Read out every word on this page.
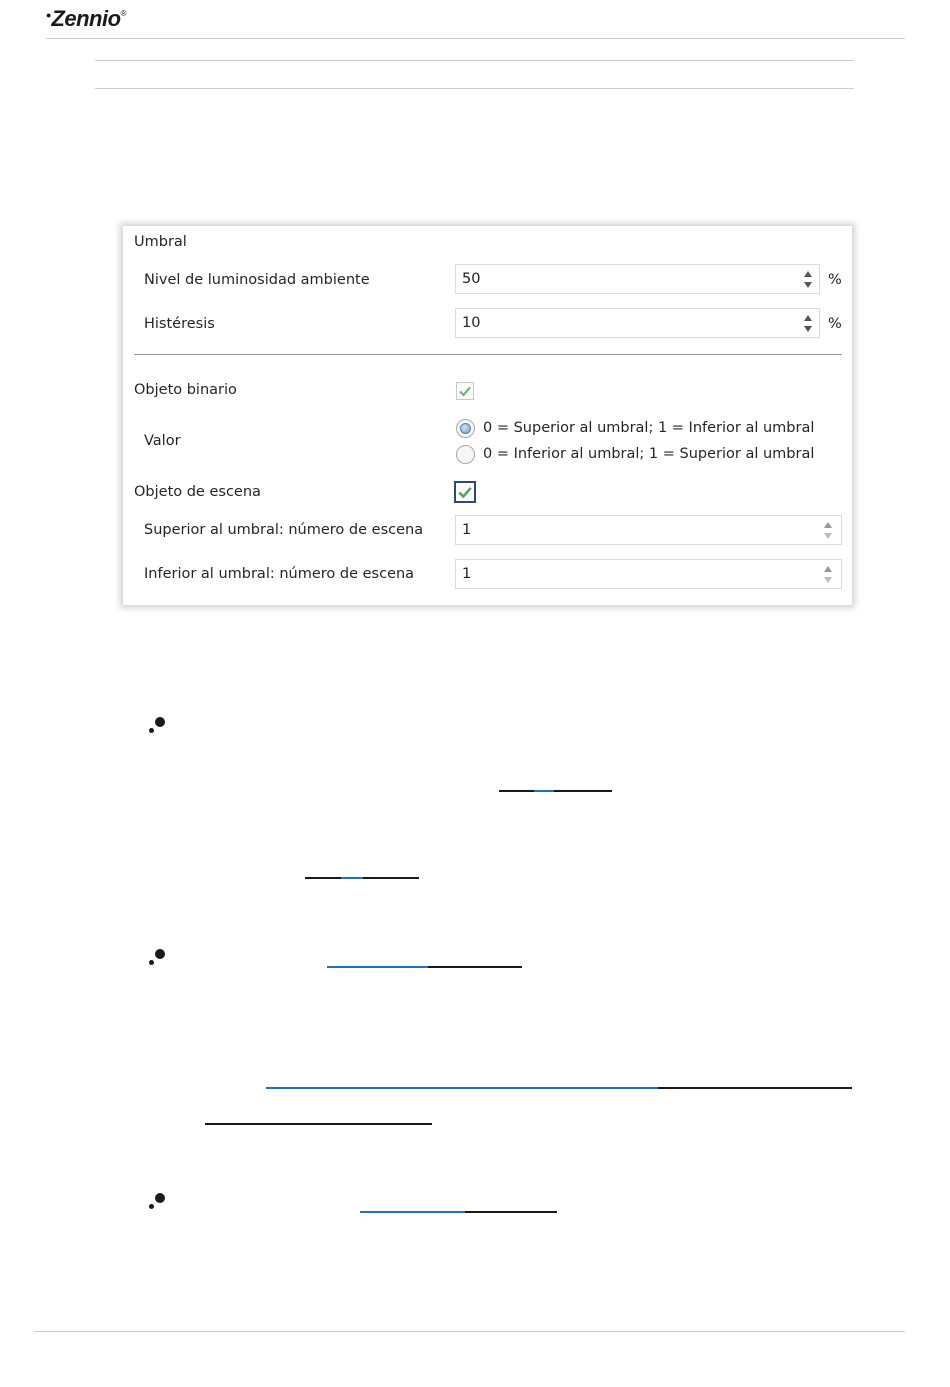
•Zennio®
Umbral
Nivel de luminosidad ambiente	50	%
Histéresis	10	%
Objeto binario
Valor
0 = Superior al umbral; 1 = Inferior al umbral
0 = Inferior al umbral; 1 = Superior al umbral
Objeto de escena
Superior al umbral: número de escena	1
Inferior al umbral: número de escena	1
